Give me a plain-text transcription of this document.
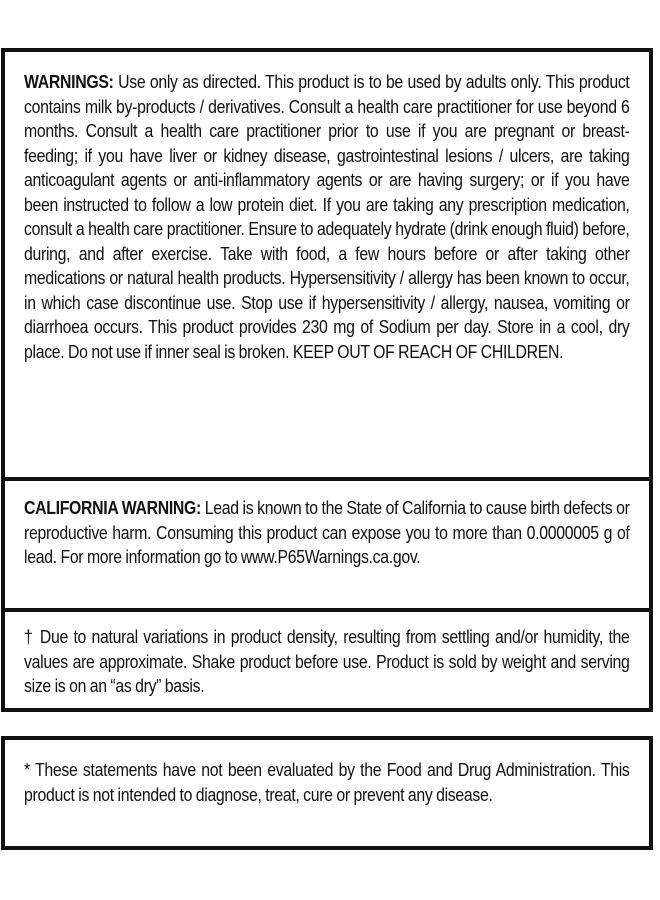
WARNINGS: Use only as directed. This product is to be used by adults only. This product contains milk by-products / derivatives. Consult a health care practitioner for use beyond 6 months. Consult a health care practitioner prior to use if you are pregnant or breast-feeding; if you have liver or kidney disease, gastrointestinal lesions / ulcers, are taking anticoagulant agents or anti-inflammatory agents or are having surgery; or if you have been instructed to follow a low protein diet. If you are taking any prescription medication, consult a health care practitioner. Ensure to adequately hydrate (drink enough fluid) before, during, and after exercise. Take with food, a few hours before or after taking other medications or natural health products. Hypersensitivity / allergy has been known to occur, in which case discontinue use. Stop use if hypersensitivity / allergy, nausea, vomiting or diarrhoea occurs. This product provides 230 mg of Sodium per day. Store in a cool, dry place. Do not use if inner seal is broken. KEEP OUT OF REACH OF CHILDREN.

CALIFORNIA WARNING: Lead is known to the State of California to cause birth defects or reproductive harm. Consuming this product can expose you to more than 0.0000005 g of lead. For more information go to www.P65Warnings.ca.gov.

† Due to natural variations in product density, resulting from settling and/or humidity, the values are approximate. Shake product before use. Product is sold by weight and serving size is on an “as dry” basis.

* These statements have not been evaluated by the Food and Drug Administration. This product is not intended to diagnose, treat, cure or prevent any disease.
